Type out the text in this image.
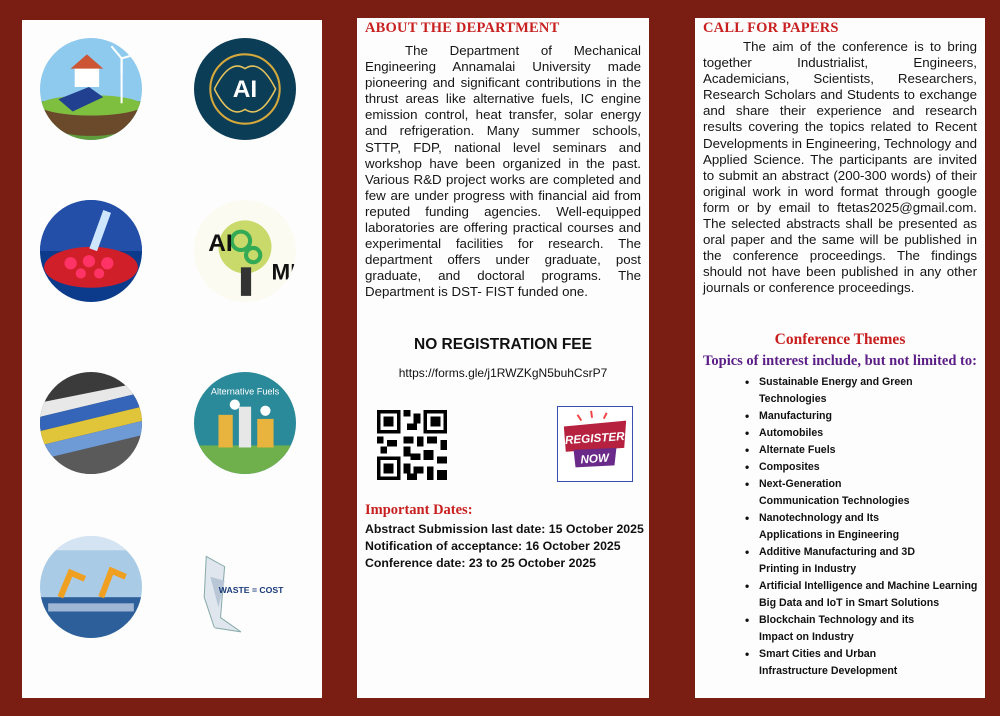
AI
AI
MI
Alternative Fuels
WASTE = COST
ABOUT THE DEPARTMENT

The Department of Mechanical Engineering Annamalai University made pioneering and significant contributions in the thrust areas like alternative fuels, IC engine emission control, heat transfer, solar energy and refrigeration. Many summer schools, STTP, FDP, national level seminars and workshop have been organized in the past. Various R&D project works are completed and few are under progress with financial aid from reputed funding agencies. Well-equipped laboratories are offering practical courses and experimental facilities for research. The department offers under graduate, post graduate, and doctoral programs. The Department is DST- FIST funded one.

NO REGISTRATION FEE
https://forms.gle/j1RWZKgN5buhCsrP7
REGISTER
NOW
Important Dates:
Abstract Submission last date: 15 October 2025
Notification of acceptance: 16 October 2025
Conference date: 23 to 25 October 2025
CALL FOR PAPERS

The aim of the conference is to bring together Industrialist, Engineers, Academicians, Scientists, Researchers, Research Scholars and Students to exchange and share their experience and research results covering the topics related to Recent Developments in Engineering, Technology and Applied Science. The participants are invited to submit an abstract (200-300 words) of their original work in word format through google form or by email to ftetas2025@gmail.com. The selected abstracts shall be presented as oral paper and the same will be published in the conference proceedings. The findings should not have been published in any other journals or conference proceedings.

Conference Themes
Topics of interest include, but not limited to:
• Sustainable Energy and Green
Technologies
• Manufacturing
• Automobiles
• Alternate Fuels
• Composites
• Next-Generation
Communication Technologies
• Nanotechnology and Its
Applications in Engineering
• Additive Manufacturing and 3D
Printing in Industry
• Artificial Intelligence and Machine Learning
Big Data and IoT in Smart Solutions
• Blockchain Technology and its
Impact on Industry
• Smart Cities and Urban
Infrastructure Development
